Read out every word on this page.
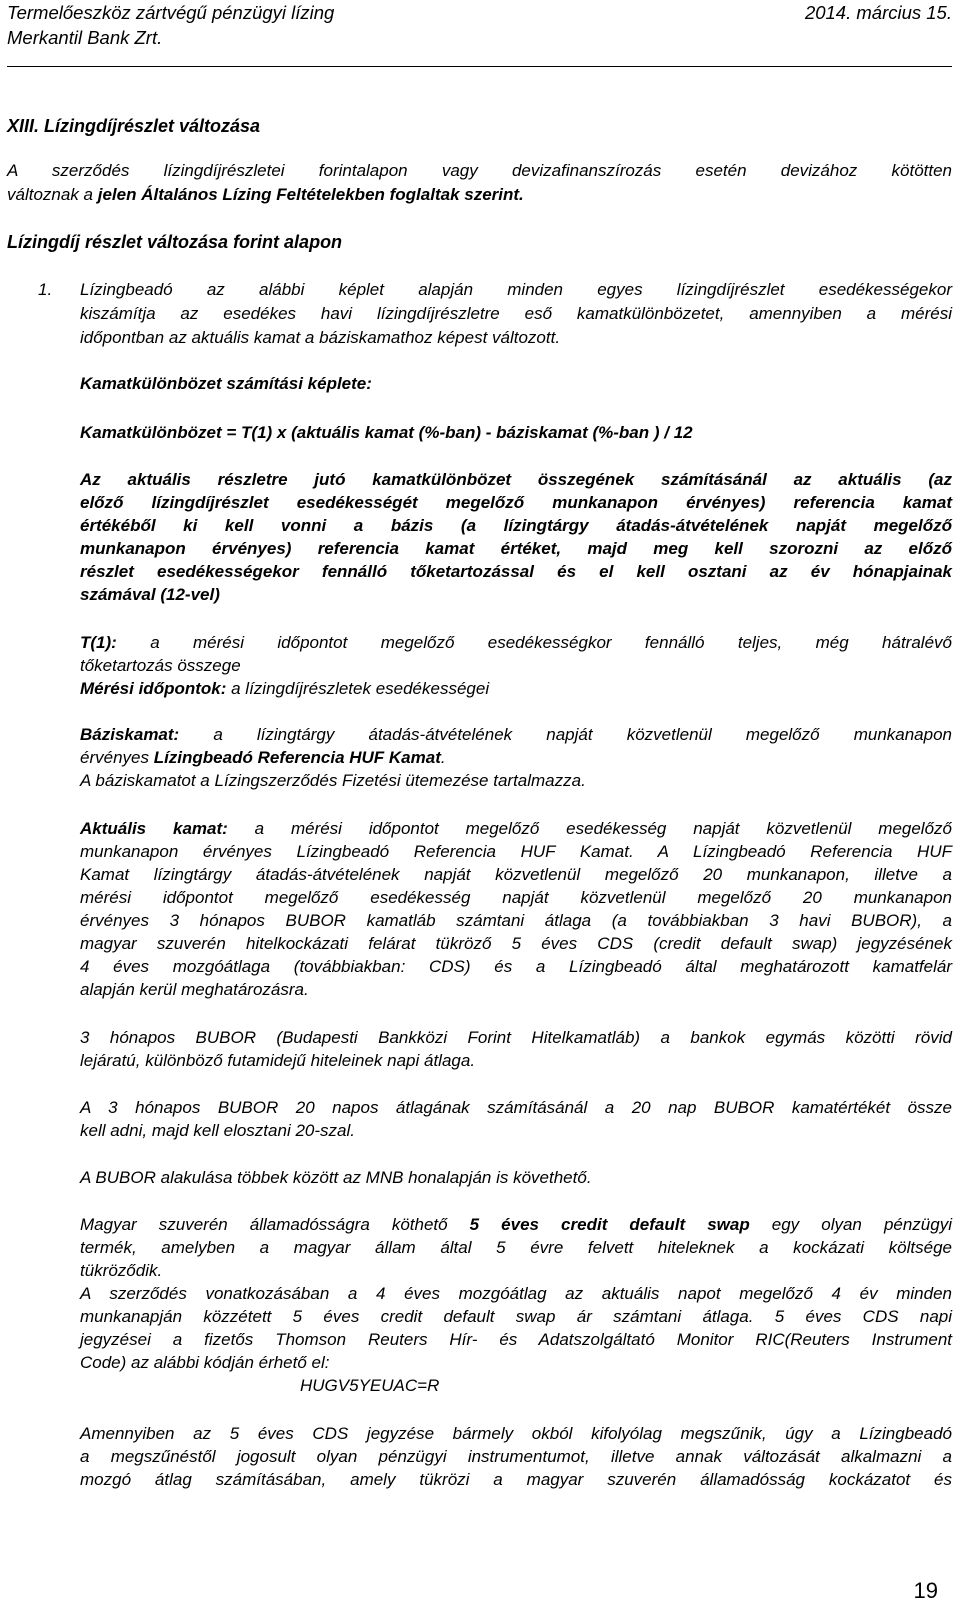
Termelőeszköz zártvégű pénzügyi lízing	2014. március 15.
Merkantil Bank Zrt.
XIII. Lízingdíjrészlet változása
A szerződés lízingdíjrészletei forintalapon vagy devizafinanszírozás esetén devizához kötötten
változnak a jelen Általános Lízing Feltételekben foglaltak szerint.
Lízingdíj részlet változása forint alapon
1. Lízingbeadó az alábbi képlet alapján minden egyes lízingdíjrészlet esedékességekor
kiszámítja az esedékes havi lízingdíjrészletre eső kamatkülönbözetet, amennyiben a mérési
időpontban az aktuális kamat a báziskamathoz képest változott.
Kamatkülönbözet számítási képlete:
Kamatkülönbözet = T(1) x (aktuális kamat (%-ban) - báziskamat (%-ban ) / 12
Az aktuális részletre jutó kamatkülönbözet összegének számításánál az aktuális (az
előző lízingdíjrészlet esedékességét megelőző munkanapon érvényes) referencia kamat
értékéből ki kell vonni a bázis (a lízingtárgy átadás-átvételének napját megelőző
munkanapon érvényes) referencia kamat értéket, majd meg kell szorozni az előző
részlet esedékességekor fennálló tőketartozással és el kell osztani az év hónapjainak
számával (12-vel)
T(1): a mérési időpontot megelőző esedékességkor fennálló teljes, még hátralévő
tőketartozás összege
Mérési időpontok: a lízingdíjrészletek esedékességei
Báziskamat: a lízingtárgy átadás-átvételének napját közvetlenül megelőző munkanapon
érvényes Lízingbeadó Referencia HUF Kamat.
A báziskamatot a Lízingszerződés Fizetési ütemezése tartalmazza.
Aktuális kamat: a mérési időpontot megelőző esedékesség napját közvetlenül megelőző
munkanapon érvényes Lízingbeadó Referencia HUF Kamat. A Lízingbeadó Referencia HUF
Kamat lízingtárgy átadás-átvételének napját közvetlenül megelőző 20 munkanapon, illetve a
mérési időpontot megelőző esedékesség napját közvetlenül megelőző 20 munkanapon
érvényes 3 hónapos BUBOR kamatláb számtani átlaga (a továbbiakban 3 havi BUBOR), a
magyar szuverén hitelkockázati felárat tükröző 5 éves CDS (credit default swap) jegyzésének
4 éves mozgóátlaga (továbbiakban: CDS) és a Lízingbeadó által meghatározott kamatfelár
alapján kerül meghatározásra.
3 hónapos BUBOR (Budapesti Bankközi Forint Hitelkamatláb) a bankok egymás közötti rövid
lejáratú, különböző futamidejű hiteleinek napi átlaga.
A 3 hónapos BUBOR 20 napos átlagának számításánál a 20 nap BUBOR kamatértékét össze
kell adni, majd kell elosztani 20-szal.
A BUBOR alakulása többek között az MNB honalapján is követhető.
Magyar szuverén államadósságra köthető 5 éves credit default swap egy olyan pénzügyi
termék, amelyben a magyar állam által 5 évre felvett hiteleknek a kockázati költsége
tükröződik.
A szerződés vonatkozásában a 4 éves mozgóátlag az aktuális napot megelőző 4 év minden
munkanapján közzétett 5 éves credit default swap ár számtani átlaga. 5 éves CDS napi
jegyzései a fizetős Thomson Reuters Hír- és Adatszolgáltató Monitor RIC(Reuters Instrument
Code) az alábbi kódján érhető el:
HUGV5YEUAC=R
Amennyiben az 5 éves CDS jegyzése bármely okból kifolyólag megszűnik, úgy a Lízingbeadó
a megszűnéstől jogosult olyan pénzügyi instrumentumot, illetve annak változását alkalmazni a
mozgó átlag számításában, amely tükrözi a magyar szuverén államadósság kockázatot és
19
